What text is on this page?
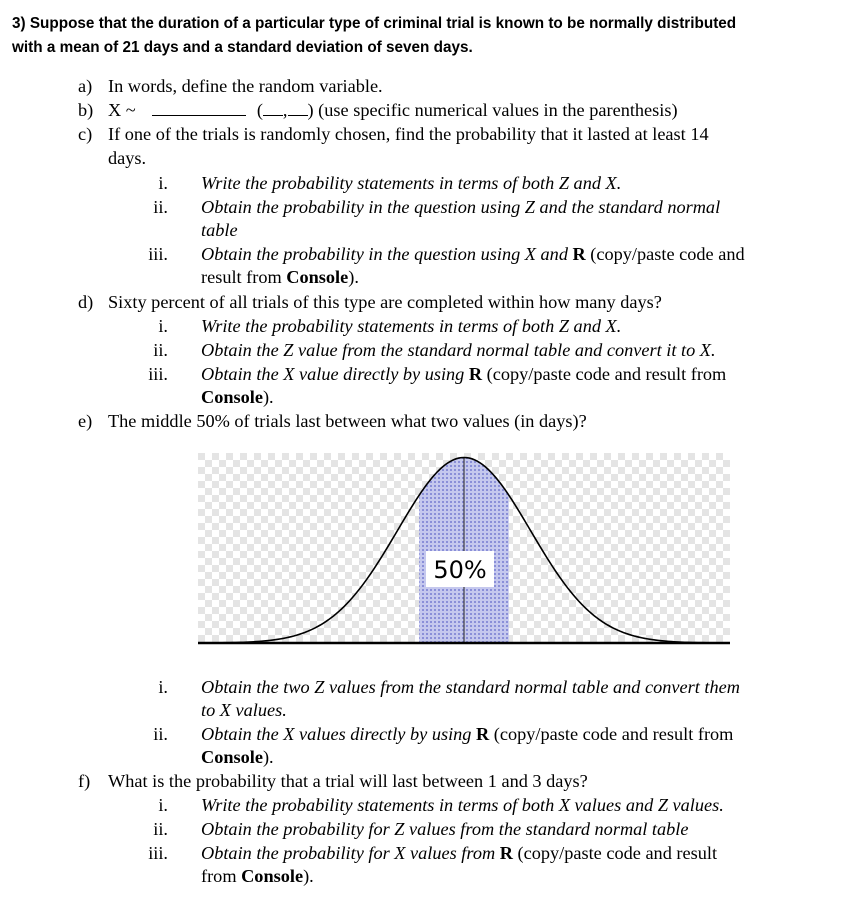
3) Suppose that the duration of a particular type of criminal trial is known to be normally distributed
with a mean of 21 days and a standard deviation of seven days.
a) In words, define the random variable.
b) X ~	( , ) (use specific numerical values in the parenthesis)
c) If one of the trials is randomly chosen, find the probability that it lasted at least 14
days.
i. Write the probability statements in terms of both Z and X.
ii. Obtain the probability in the question using Z and the standard normal
table
iii. Obtain the probability in the question using X and R (copy/paste code and
result from Console).
d) Sixty percent of all trials of this type are completed within how many days?
i. Write the probability statements in terms of both Z and X.
ii. Obtain the Z value from the standard normal table and convert it to X.
iii. Obtain the X value directly by using R (copy/paste code and result from
Console).
e) The middle 50% of trials last between what two values (in days)?
50%
i. Obtain the two Z values from the standard normal table and convert them
to X values.
ii. Obtain the X values directly by using R (copy/paste code and result from
Console).
f) What is the probability that a trial will last between 1 and 3 days?
i. Write the probability statements in terms of both X values and Z values.
ii. Obtain the probability for Z values from the standard normal table
iii. Obtain the probability for X values from R (copy/paste code and result
from Console).
